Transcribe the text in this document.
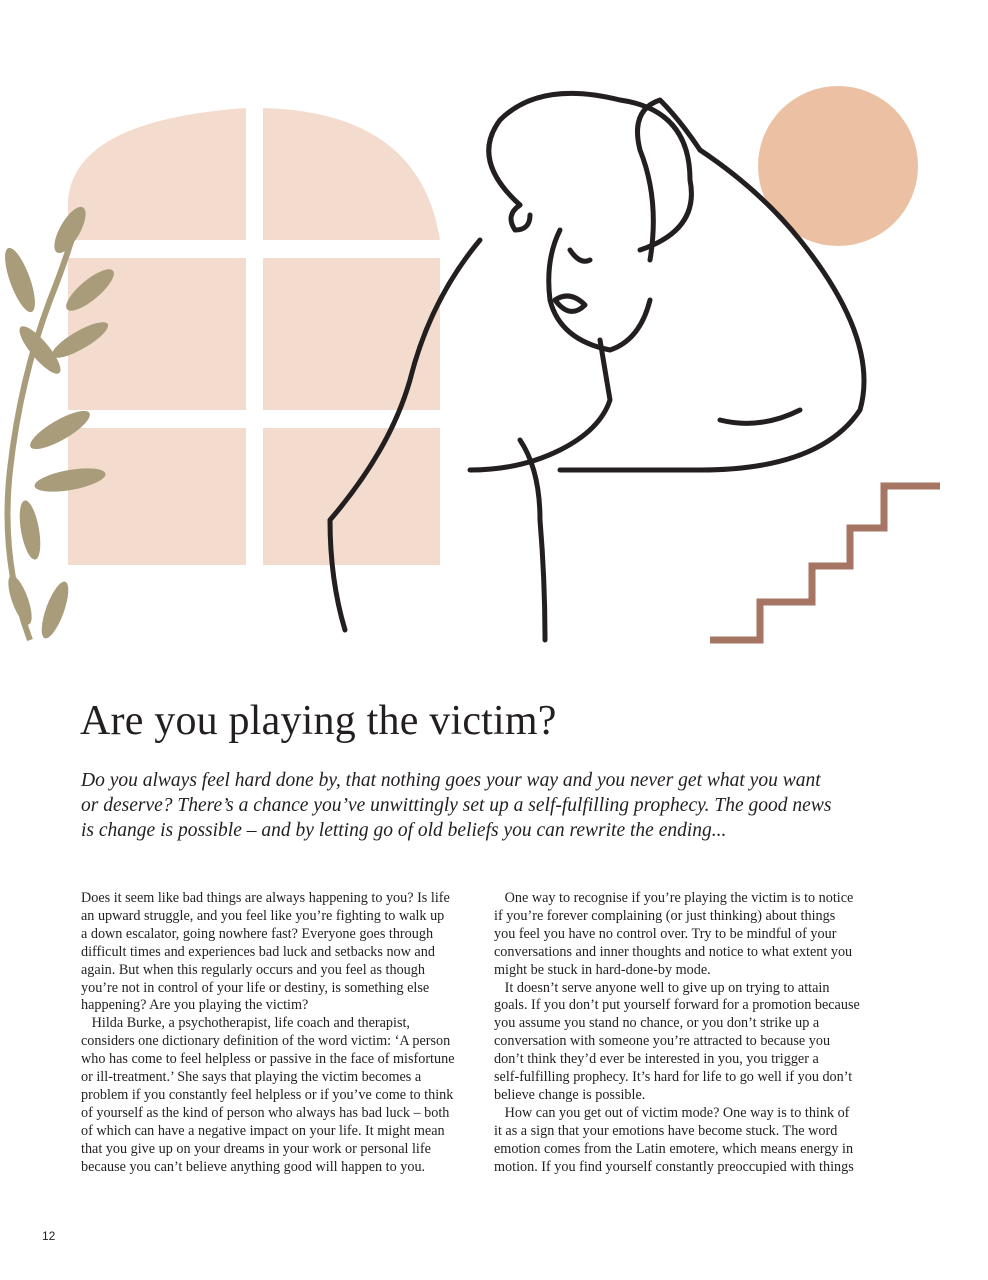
Are you playing the victim?
Do you always feel hard done by, that nothing goes your way and you never get what you want
or deserve? There’s a chance you’ve unwittingly set up a self-fulfilling prophecy. The good news
is change is possible – and by letting go of old beliefs you can rewrite the ending...
Does it seem like bad things are always happening to you? Is life
an upward struggle, and you feel like you’re fighting to walk up
a down escalator, going nowhere fast? Everyone goes through
difficult times and experiences bad luck and setbacks now and
again. But when this regularly occurs and you feel as though
you’re not in control of your life or destiny, is something else
happening? Are you playing the victim?
Hilda Burke, a psychotherapist, life coach and therapist,
considers one dictionary definition of the word victim: ‘A person
who has come to feel helpless or passive in the face of misfortune
or ill-treatment.’ She says that playing the victim becomes a
problem if you constantly feel helpless or if you’ve come to think
of yourself as the kind of person who always has bad luck – both
of which can have a negative impact on your life. It might mean
that you give up on your dreams in your work or personal life
because you can’t believe anything good will happen to you.
One way to recognise if you’re playing the victim is to notice
if you’re forever complaining (or just thinking) about things
you feel you have no control over. Try to be mindful of your
conversations and inner thoughts and notice to what extent you
might be stuck in hard-done-by mode.
It doesn’t serve anyone well to give up on trying to attain
goals. If you don’t put yourself forward for a promotion because
you assume you stand no chance, or you don’t strike up a
conversation with someone you’re attracted to because you
don’t think they’d ever be interested in you, you trigger a
self-fulfilling prophecy. It’s hard for life to go well if you don’t
believe change is possible.
How can you get out of victim mode? One way is to think of
it as a sign that your emotions have become stuck. The word
emotion comes from the Latin emotere, which means energy in
motion. If you find yourself constantly preoccupied with things
12
